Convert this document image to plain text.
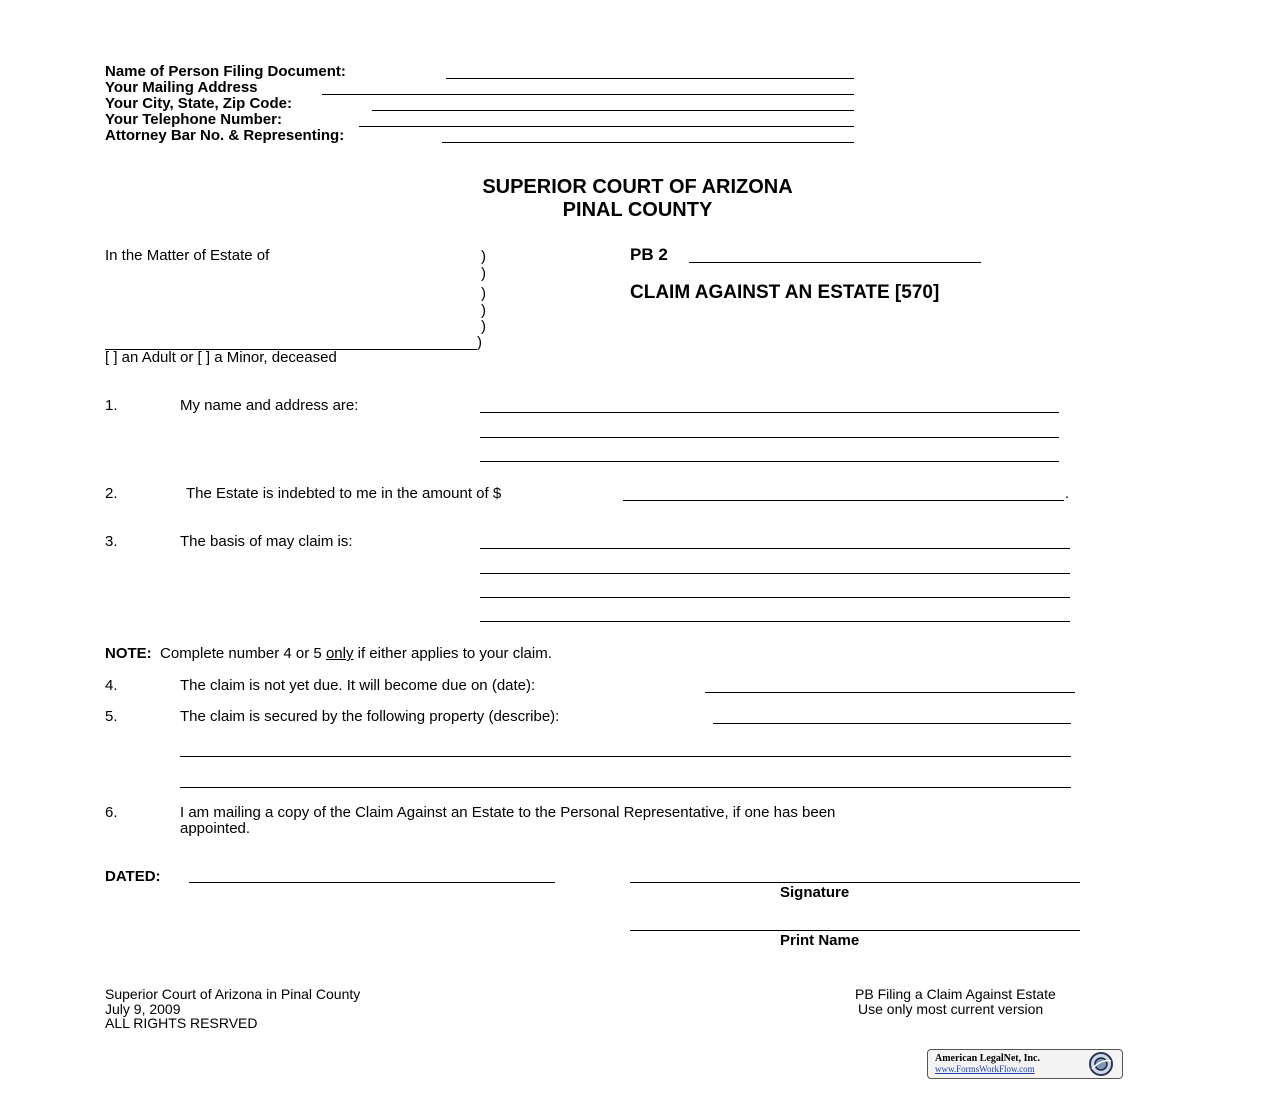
Name of Person Filing Document:
Your Mailing Address
Your City, State, Zip Code:
Your Telephone Number:
Attorney Bar No. & Representing:
SUPERIOR COURT OF ARIZONA
PINAL COUNTY
In the Matter of Estate of	)
)
)
)
)
)
[ ] an Adult or [ ] a Minor, deceased
PB 2
CLAIM AGAINST AN ESTATE [570]
1.	My name and address are:
2.	The Estate is indebted to me in the amount of $	.
3.	The basis of may claim is:
NOTE: Complete number 4 or 5 only if either applies to your claim.
4.	The claim is not yet due. It will become due on (date):
5.	The claim is secured by the following property (describe):
6.	I am mailing a copy of the Claim Against an Estate to the Personal Representative, if one has been
appointed.
DATED:
Signature
Print Name
Superior Court of Arizona in Pinal County
July 9, 2009
ALL RIGHTS RESRVED
PB Filing a Claim Against Estate
Use only most current version
American LegalNet, Inc.
www.FormsWorkFlow.com
